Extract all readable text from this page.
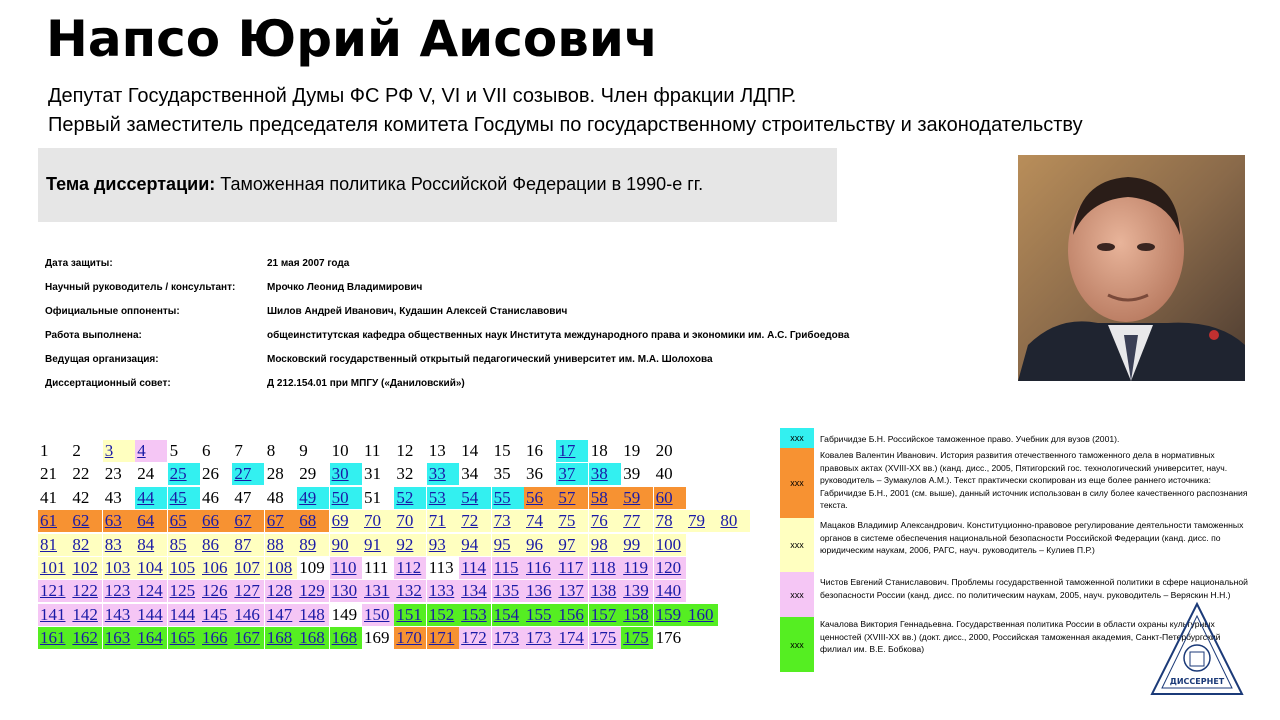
Напсо Юрий Аисович
Депутат Государственной Думы ФС РФ V, VI и VII созывов. Член фракции ЛДПР.
Первый заместитель председателя комитета Госдумы по государственному строительству и законодательству
Тема диссертации: Таможенная политика Российской Федерации в 1990-е гг.
Дата защиты:	21 мая 2007 года
Научный руководитель / консультант:	Мрочко Леонид Владимирович
Официальные оппоненты:	Шилов Андрей Иванович, Кудашин Алексей Станиславович
Работа выполнена:	общеинститутская кафедра общественных наук Института международного права и экономики им. А.С. Грибоедова
Ведущая организация:	Московский государственный открытый педагогический университет им. М.А. Шолохова
Диссертационный совет:	Д 212.154.01 при МПГУ («Даниловский»)
1	2	3	4	5	6	7	8	9	10 11 12 13 14 15 16 17 18 19 20
21 22 23 24 25 26 27 28 29 30 31 32 33 34 35 36 37 38 39 40
41 42 43 44 45 46 47 48 49 50 51 52 53 54 55 56 57 58 59 60
61 62 63 64 65 66 67 67 68 69 70 70 71 72 73 74 75 76 77 78 79 80
81 82 83 84 85 86 87 88 89 90 91 92 93 94 95 96 97 98 99 100
101 102 103 104 105 106 107 108 109 110 111 112 113 114 115 116 117 118 119 120
121 122 123 124 125 126 127 128 129 130 131 132 133 134 135 136 137 138 139 140
141 142 143 144 144 145 146 147 148 149 150 151 152 153 154 155 156 157 158 159 160
161 162 163 164 165 166 167 168 168 168 169 170 171 172 173 173 174 175 175 176
xxx	Габричидзе Б.Н. Российское таможенное право. Учебник для вузов (2001).
xxx
Ковалев Валентин Иванович. История развития отечественного таможенного дела в нормативных правовых актах (XVIII-XX вв.) (канд. дисс., 2005, Пятигорский гос. технологический университет, науч. руководитель – Зумакулов А.М.). Текст практически скопирован из еще более раннего источника: Габричидзе Б.Н., 2001 (см. выше), данный источник использован в силу более качественного распознания текста.
xxx
Мацаков Владимир Александрович. Конституционно-правовое регулирование деятельности таможенных органов в системе обеспечения национальной безопасности Российской Федерации (канд. дисс. по юридическим наукам, 2006, РАГС, науч. руководитель – Кулиев П.Р.)
xxx
Чистов Евгений Станиславович. Проблемы государственной таможенной политики в сфере национальной безопасности России (канд. дисс. по политическим наукам, 2005, науч. руководитель – Веряскин Н.Н.)
xxx
Качалова Виктория Геннадьевна. Государственная политика России в области охраны культурных ценностей (XVIII-XX вв.) (докт. дисс., 2000, Российская таможенная академия, Санкт-Петербургский филиал им. В.Е. Бобкова)
ДИССЕРНЕТ
